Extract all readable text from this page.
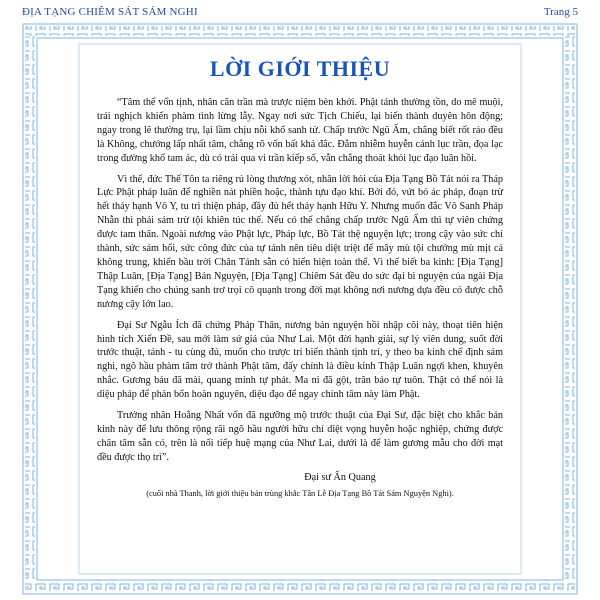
ĐỊA TẠNG CHIÊM SÁT SÁM NGHI	Trang 5
LỜI GIỚI THIỆU

“Tâm thể vốn tịnh, nhân căn trần mà trược niệm bèn khởi. Phật tánh thường tồn, do mê muội, trái nghịch khiến phàm tình lừng lẫy. Ngay nơi sức Tịch Chiếu, lại biến thành duyên hôn động; ngay trong lẽ thường trụ, lại lầm chịu nỗi khổ sanh tử. Chấp trước Ngũ Ấm, chẳng biết rốt ráo đều là Không, chướng lấp nhất tâm, chẳng rõ vốn bất khả đắc. Đắm nhiễm huyễn cảnh lục trần, đọa lạc trong đường khổ tam ác, dù có trải qua vi trần kiếp số, vẫn chẳng thoát khỏi lục đạo luân hồi.

Vì thế, đức Thế Tôn ta riêng rủ lòng thương xót, nhân lời hỏi của Địa Tạng Bồ Tát nói ra Tháp Lực Phật pháp luân để nghiền nát phiền hoặc, thành tựu đạo khí. Bởi đó, vứt bỏ ác pháp, đoạn trừ hết thảy hạnh Vô Y, tu trì thiện pháp, đầy đủ hết thảy hạnh Hữu Y. Nhưng muốn đắc Vô Sanh Pháp Nhẫn thì phải sám trừ tội khiên túc thế. Nếu có thể chẳng chấp trước Ngũ Ấm thì tự viên chứng được tam thân. Ngoài nương vào Phật lực, Pháp lực, Bồ Tát thệ nguyện lực; trong cậy vào sức chí thành, sức sám hối, sức công đức của tự tánh nên tiêu diệt triệt để mây mù tội chướng mù mịt cả không trung, khiến bầu trời Chân Tánh sẵn có hiển hiện toàn thể. Vì thế biết ba kinh: [Địa Tạng] Thập Luân, [Địa Tạng] Bản Nguyện, [Địa Tạng] Chiêm Sát đều do sức đại bi nguyện của ngài Địa Tạng khiến cho chúng sanh trơ trọi cô quạnh trong đời mạt không nơi nương dựa đều có được chỗ nương cậy lớn lao.

Đại Sư Ngẫu Ích đã chứng Pháp Thân, nương bản nguyện hồi nhập cõi này, thoạt tiên hiện hình tích Xiển Đề, sau mới làm sứ giả của Như Lai. Một đời hạnh giải, sự lý viên dung, suốt đời trước thuật, tánh - tu cùng đủ, muốn cho trược trí biến thành tịnh trí, y theo ba kinh chế định sám nghi, ngõ hầu phàm tâm trở thành Phật tâm, đấy chính là điều kinh Thập Luân ngợi khen, khuyên nhắc. Gương báu đã mài, quang minh tự phát. Ma ni đã gột, trân bảo tự tuôn. Thật có thể nói là diệu pháp để phản bổn hoàn nguyên, diệu đạo để ngay chính tâm này làm Phật.

Trưởng nhân Hoằng Nhất vốn đã ngưỡng mộ trước thuật của Đại Sư, đặc biệt cho khắc bản kinh này để lưu thông rộng rãi ngõ hầu người hữu chí diệt vọng huyễn hoặc nghiệp, chứng được chân tâm sẵn có, trên là nối tiếp huệ mạng của Như Lai, dưới là để làm gương mẫu cho đời mạt đều được thọ trì”.

Đại sư Ấn Quang

(cuối nhà Thanh, lời giới thiệu bản trùng khắc Tân Lễ Địa Tạng Bồ Tát Sám Nguyện Nghi).
